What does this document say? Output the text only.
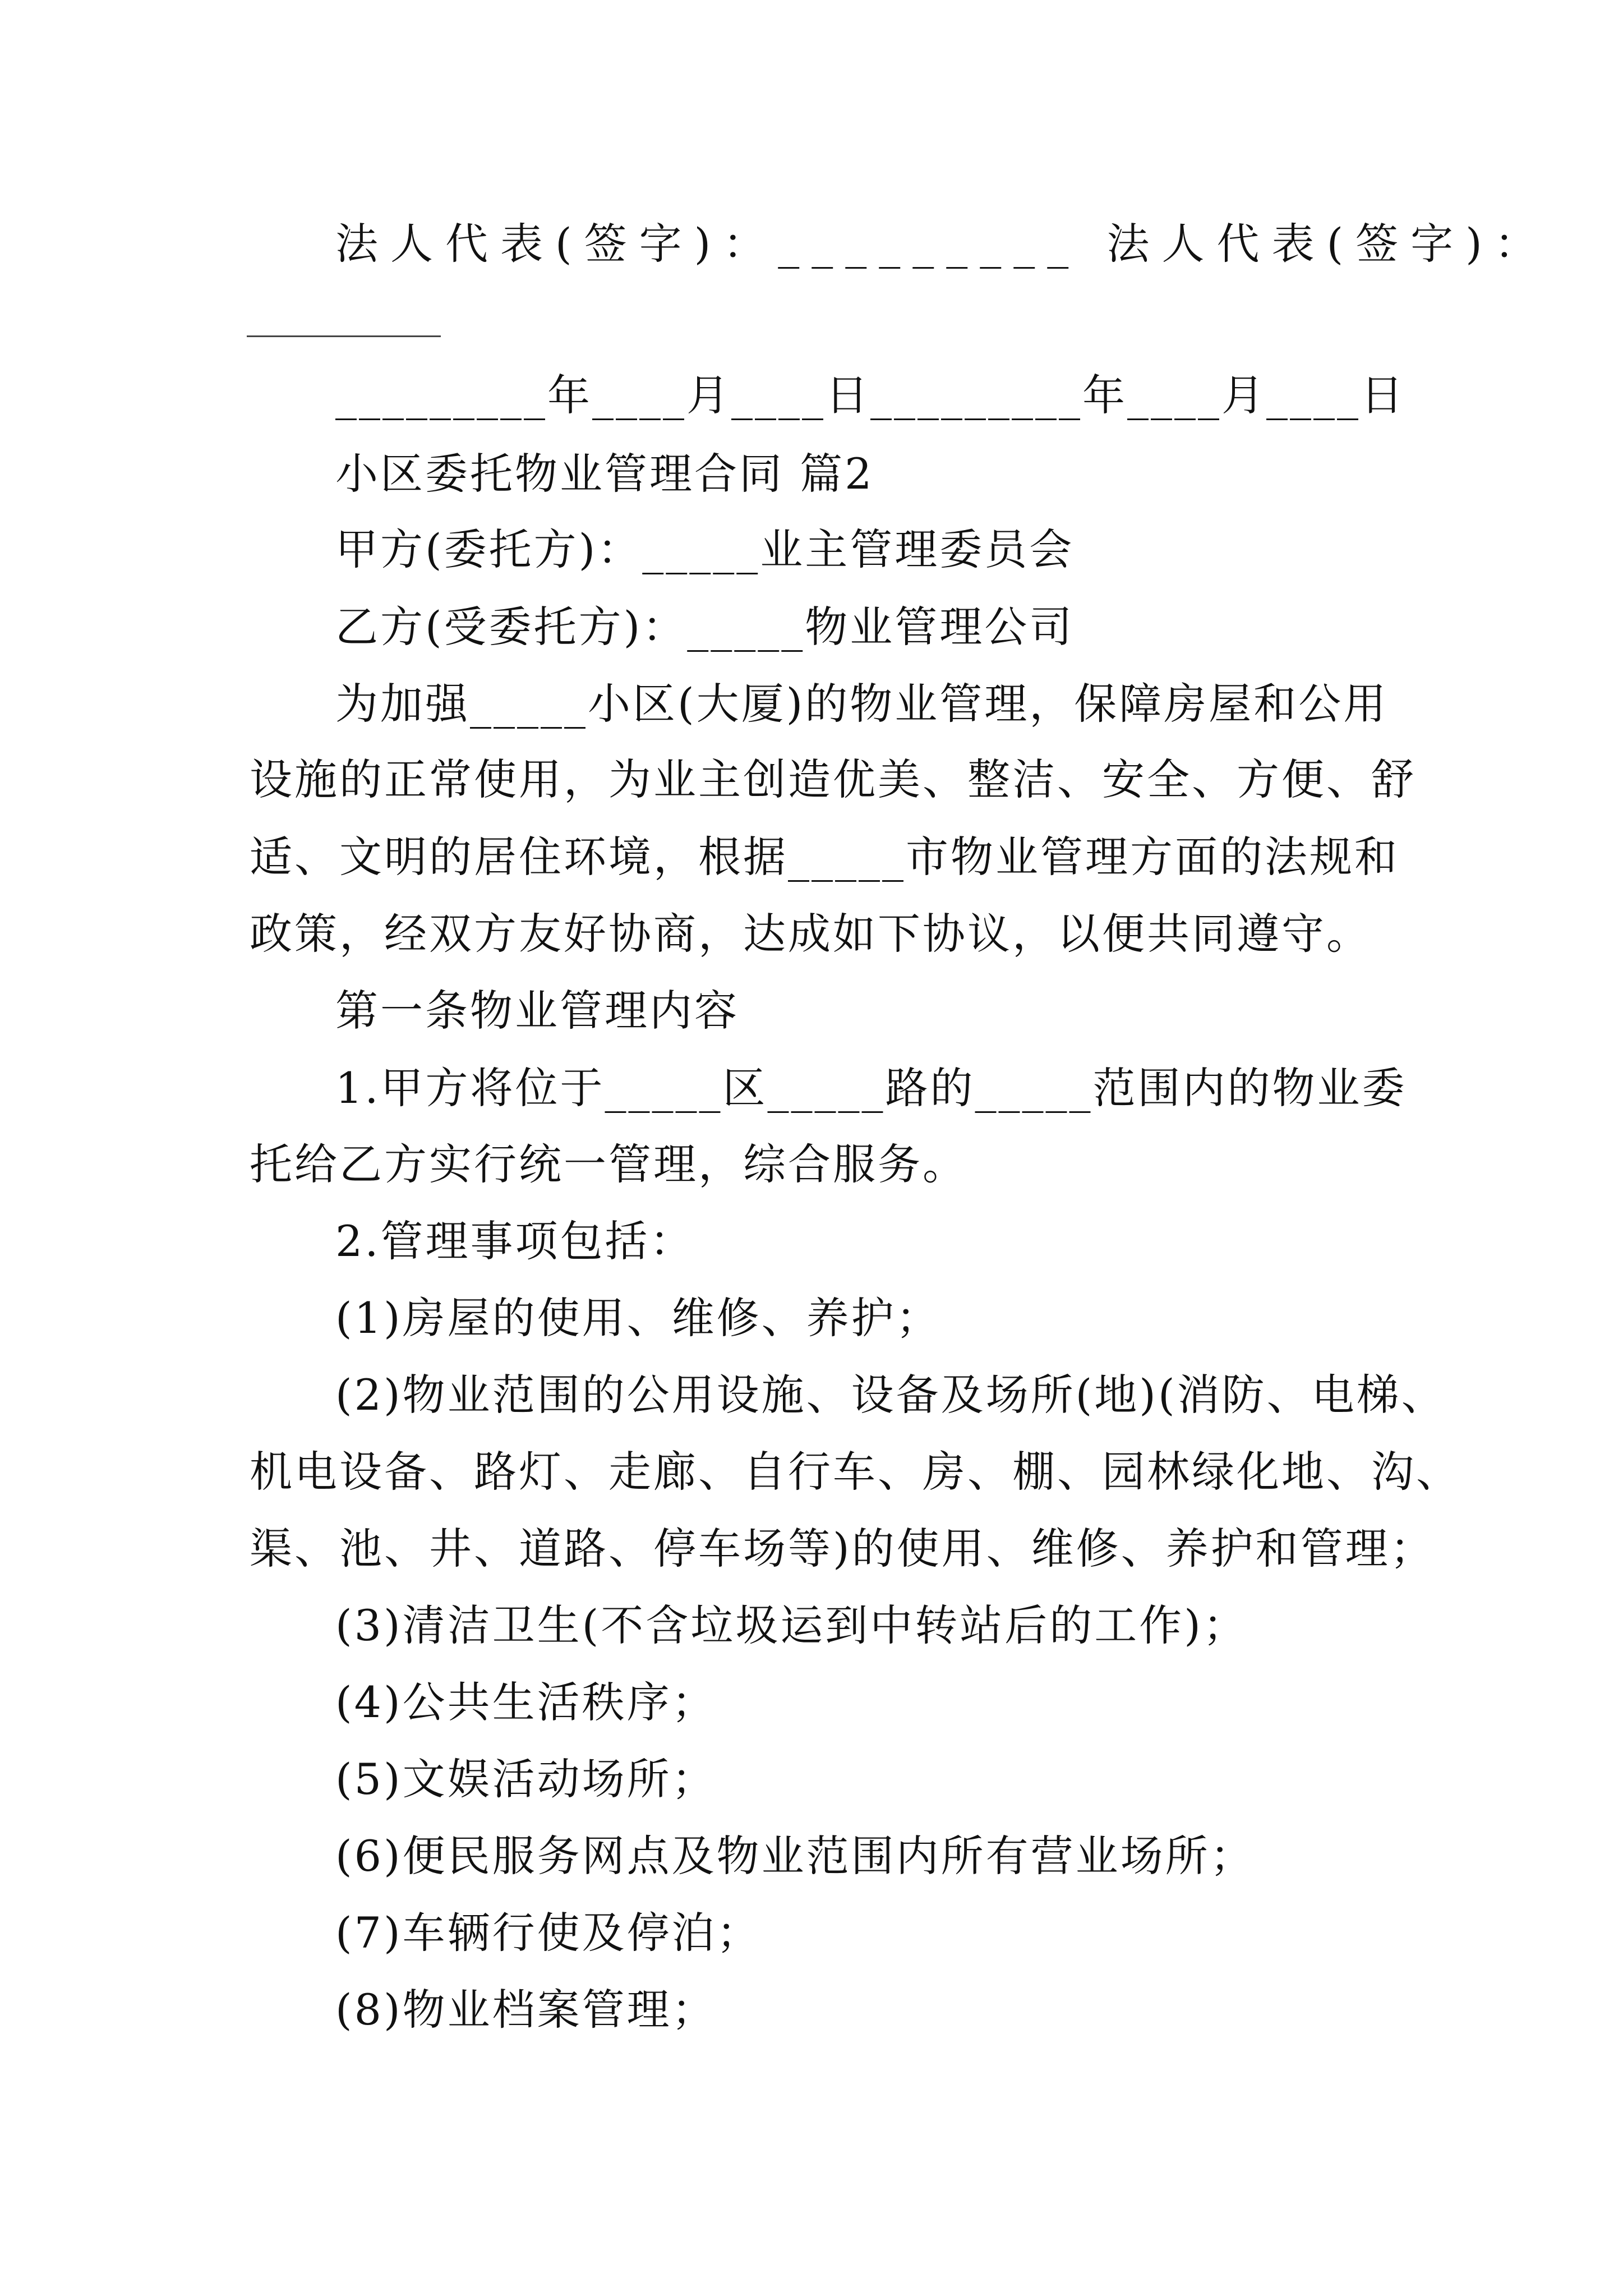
法人代表(签字)：_________ 法人代表(签字)：
_________年____月____日_________年____月____日
小区委托物业管理合同 篇2
甲方(委托方)：_____业主管理委员会
乙方(受委托方)：_____物业管理公司
为加强_____小区(大厦)的物业管理，保障房屋和公用
设施的正常使用，为业主创造优美、整洁、安全、方便、舒
适、文明的居住环境，根据_____市物业管理方面的法规和
政策，经双方友好协商，达成如下协议，以便共同遵守。
第一条物业管理内容
1.甲方将位于_____区_____路的_____范围内的物业委
托给乙方实行统一管理，综合服务。
2.管理事项包括：
(1)房屋的使用、维修、养护；
(2)物业范围的公用设施、设备及场所(地)(消防、电梯、
机电设备、路灯、走廊、自行车、房、棚、园林绿化地、沟、
渠、池、井、道路、停车场等)的使用、维修、养护和管理；
(3)清洁卫生(不含垃圾运到中转站后的工作)；
(4)公共生活秩序；
(5)文娱活动场所；
(6)便民服务网点及物业范围内所有营业场所；
(7)车辆行使及停泊；
(8)物业档案管理；
